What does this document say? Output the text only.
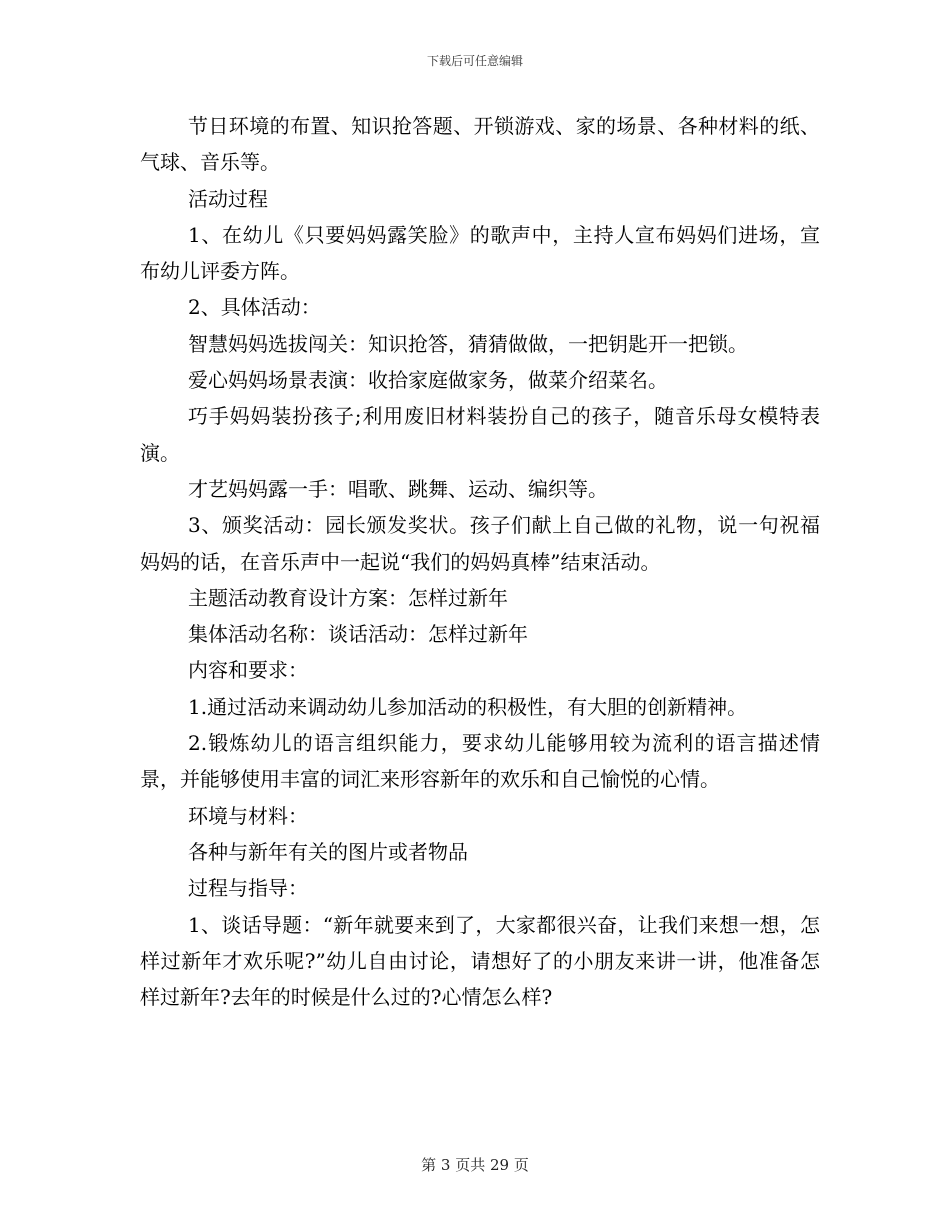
下载后可任意编辑

节日环境的布置、知识抢答题、开锁游戏、家的场景、各种材料的纸、气球、音乐等。

活动过程

1、在幼儿《只要妈妈露笑脸》的歌声中，主持人宣布妈妈们进场，宣布幼儿评委方阵。

2、具体活动：

智慧妈妈选拔闯关：知识抢答，猜猜做做，一把钥匙开一把锁。

爱心妈妈场景表演：收拾家庭做家务，做菜介绍菜名。

巧手妈妈装扮孩子;利用废旧材料装扮自己的孩子，随音乐母女模特表演。

才艺妈妈露一手：唱歌、跳舞、运动、编织等。

3、颁奖活动：园长颁发奖状。孩子们献上自己做的礼物，说一句祝福妈妈的话，在音乐声中一起说“我们的妈妈真棒”结束活动。

主题活动教育设计方案：怎样过新年

集体活动名称：谈话活动：怎样过新年

内容和要求：

1.通过活动来调动幼儿参加活动的积极性，有大胆的创新精神。

2.锻炼幼儿的语言组织能力，要求幼儿能够用较为流利的语言描述情景，并能够使用丰富的词汇来形容新年的欢乐和自己愉悦的心情。

环境与材料：

各种与新年有关的图片或者物品

过程与指导：

1、谈话导题：“新年就要来到了，大家都很兴奋，让我们来想一想，怎样过新年才欢乐呢?”幼儿自由讨论，请想好了的小朋友来讲一讲，他准备怎样过新年?去年的时候是什么过的?心情怎么样?

第 3 页共 29 页
